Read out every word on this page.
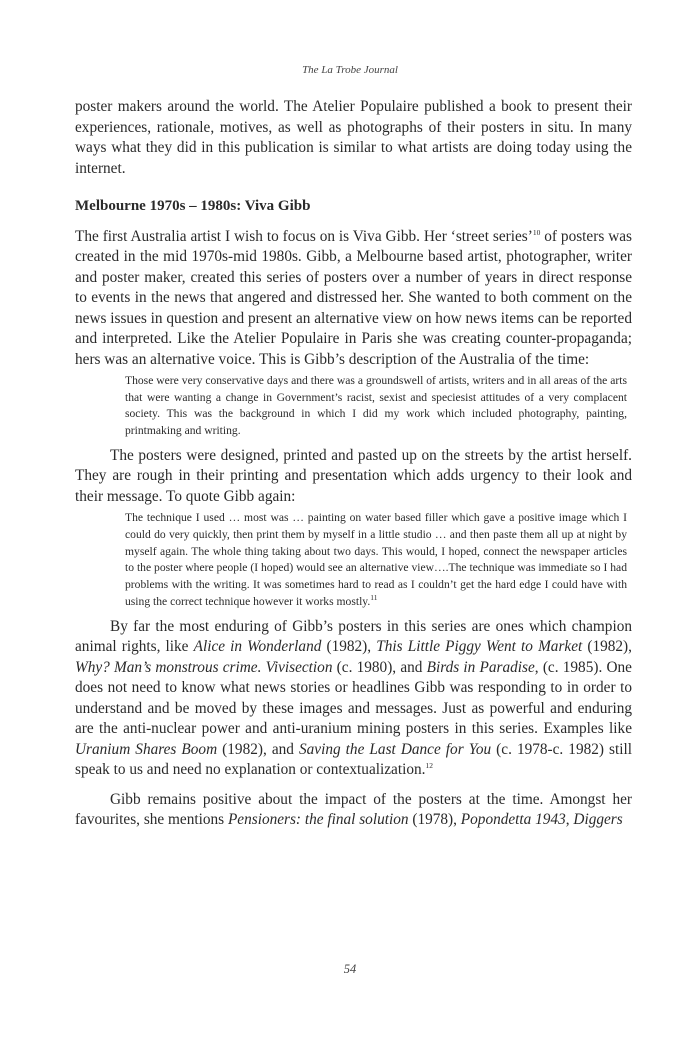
The La Trobe Journal

poster makers around the world. The Atelier Populaire published a book to present their experiences, rationale, motives, as well as photographs of their posters in situ. In many ways what they did in this publication is similar to what artists are doing today using the internet.

Melbourne 1970s – 1980s: Viva Gibb

The first Australia artist I wish to focus on is Viva Gibb. Her ‘street series’$^{10}$ of posters was created in the mid 1970s-mid 1980s. Gibb, a Melbourne based artist, photographer, writer and poster maker, created this series of posters over a number of years in direct response to events in the news that angered and distressed her. She wanted to both comment on the news issues in question and present an alternative view on how news items can be reported and interpreted. Like the Atelier Populaire in Paris she was creating counter-propaganda; hers was an alternative voice. This is Gibb’s description of the Australia of the time:

Those were very conservative days and there was a groundswell of artists, writers and in all areas of the arts that were wanting a change in Government’s racist, sexist and speciesist attitudes of a very complacent society. This was the background in which I did my work which included photography, painting, printmaking and writing.

The posters were designed, printed and pasted up on the streets by the artist herself. They are rough in their printing and presentation which adds urgency to their look and their message. To quote Gibb again:

The technique I used … most was … painting on water based filler which gave a positive image which I could do very quickly, then print them by myself in a little studio … and then paste them all up at night by myself again. The whole thing taking about two days. This would, I hoped, connect the newspaper articles to the poster where people (I hoped) would see an alternative view….The technique was immediate so I had problems with the writing. It was sometimes hard to read as I couldn’t get the hard edge I could have with using the correct technique however it works mostly.$^{11}$

By far the most enduring of Gibb’s posters in this series are ones which champion animal rights, like Alice in Wonderland (1982), This Little Piggy Went to Market (1982), Why? Man’s monstrous crime. Vivisection (c. 1980), and Birds in Paradise, (c. 1985). One does not need to know what news stories or headlines Gibb was responding to in order to understand and be moved by these images and messages. Just as powerful and enduring are the anti-nuclear power and anti-uranium mining posters in this series. Examples like Uranium Shares Boom (1982), and Saving the Last Dance for You (c. 1978-c. 1982) still speak to us and need no explanation or contextualization.$^{12}$

Gibb remains positive about the impact of the posters at the time. Amongst her favourites, she mentions Pensioners: the final solution (1978), Popondetta 1943, Diggers

54
